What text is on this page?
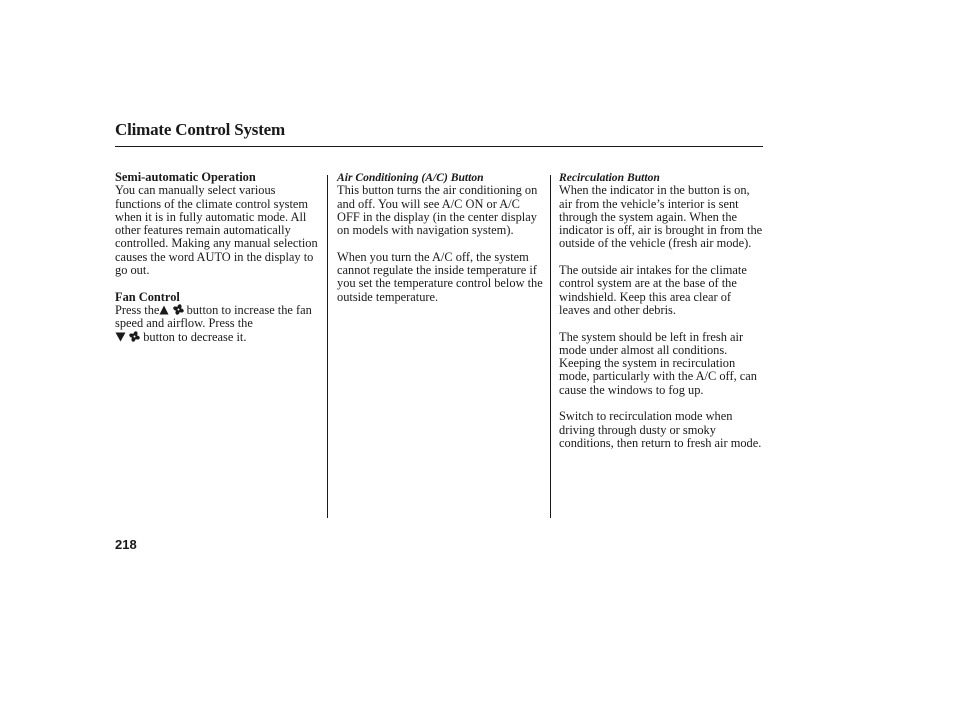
Climate Control System

Semi-automatic Operation

You can manually select various functions of the climate control system when it is in fully automatic mode. All other features remain automatically controlled. Making any manual selection causes the word AUTO in the display to go out.

Fan Control

Press the

button to increase the fan speed and airflow. Press the

button to decrease it.

Air Conditioning (A/C) Button

This button turns the air conditioning on and off. You will see A/C ON or A/C OFF in the display (in the center display on models with navigation system).

When you turn the A/C off, the system cannot regulate the inside temperature if you set the temperature control below the outside temperature.

Recirculation Button

When the indicator in the button is on, air from the vehicle’s interior is sent through the system again. When the indicator is off, air is brought in from the outside of the vehicle (fresh air mode).

The outside air intakes for the climate control system are at the base of the windshield. Keep this area clear of leaves and other debris.

The system should be left in fresh air mode under almost all conditions. Keeping the system in recirculation mode, particularly with the A/C off, can cause the windows to fog up.

Switch to recirculation mode when driving through dusty or smoky conditions, then return to fresh air mode.

218
